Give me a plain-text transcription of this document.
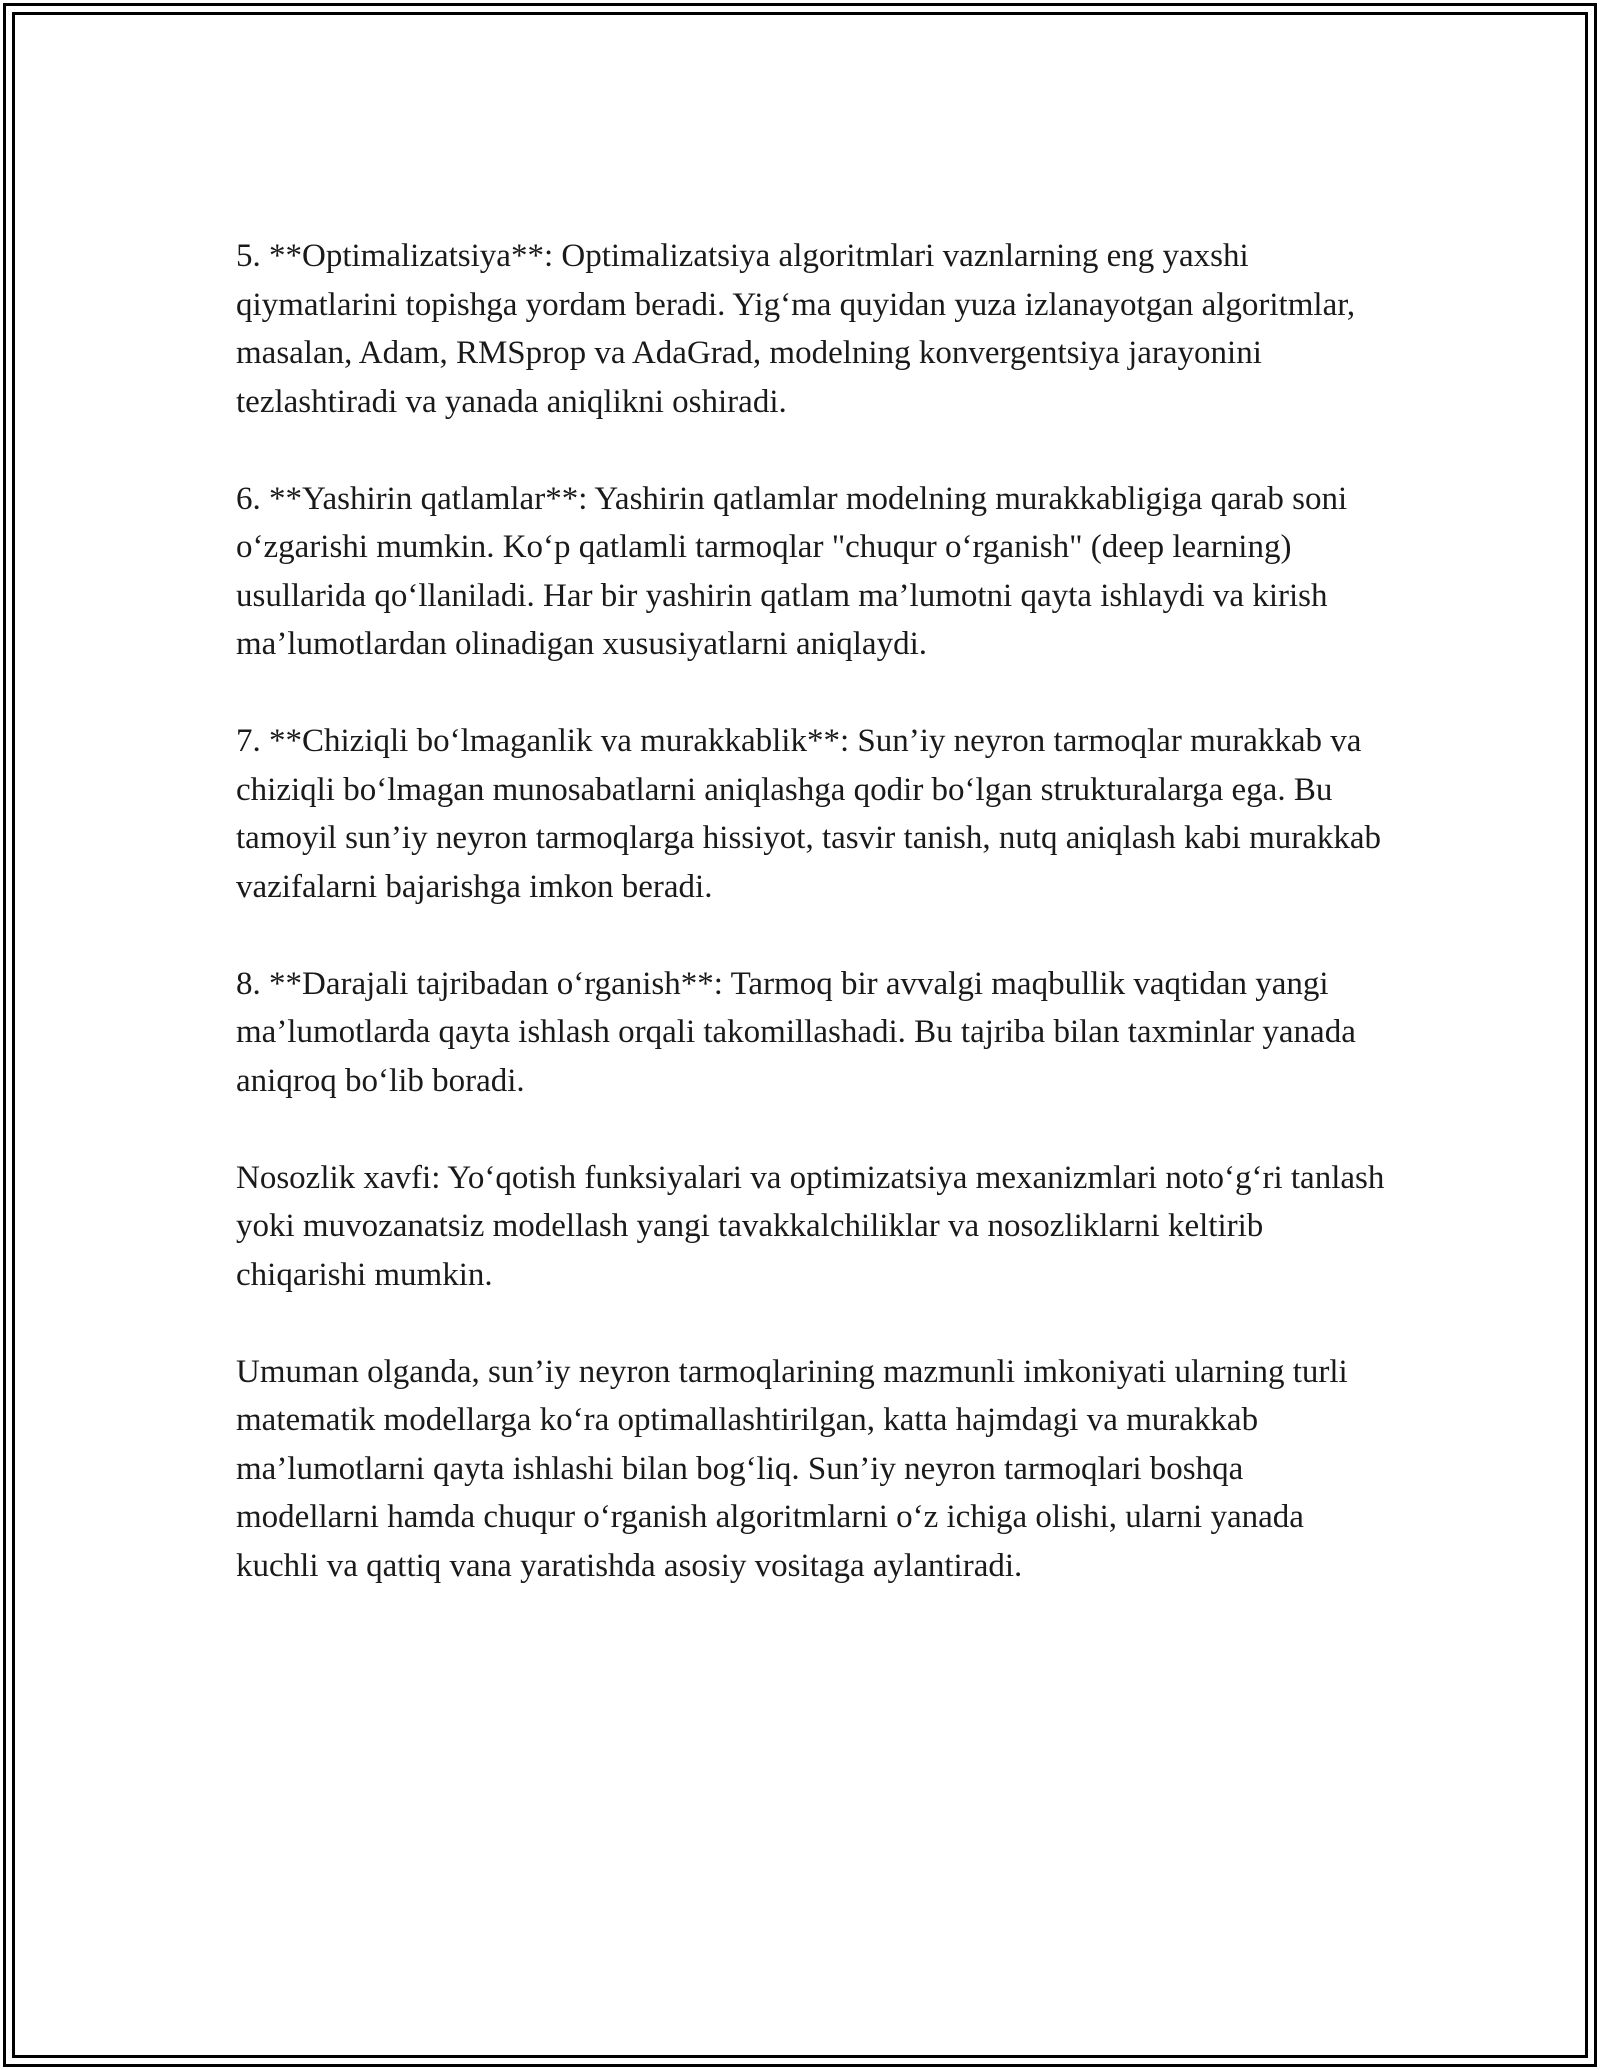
5. **Optimalizatsiya**: Optimalizatsiya algoritmlari vaznlarning eng yaxshi qiymatlarini topishga yordam beradi. Yig‘ma quyidan yuza izlanayotgan algoritmlar, masalan, Adam, RMSprop va AdaGrad, modelning konvergentsiya jarayonini tezlashtiradi va yanada aniqlikni oshiradi.

6. **Yashirin qatlamlar**: Yashirin qatlamlar modelning murakkabligiga qarab soni o‘zgarishi mumkin. Ko‘p qatlamli tarmoqlar "chuqur o‘rganish" (deep learning) usullarida qo‘llaniladi. Har bir yashirin qatlam ma’lumotni qayta ishlaydi va kirish ma’lumotlardan olinadigan xususiyatlarni aniqlaydi.

7. **Chiziqli bo‘lmaganlik va murakkablik**: Sun’iy neyron tarmoqlar murakkab va chiziqli bo‘lmagan munosabatlarni aniqlashga qodir bo‘lgan strukturalarga ega. Bu tamoyil sun’iy neyron tarmoqlarga hissiyot, tasvir tanish, nutq aniqlash kabi murakkab vazifalarni bajarishga imkon beradi.

8. **Darajali tajribadan o‘rganish**: Tarmoq bir avvalgi maqbullik vaqtidan yangi ma’lumotlarda qayta ishlash orqali takomillashadi. Bu tajriba bilan taxminlar yanada aniqroq bo‘lib boradi.

Nosozlik xavfi: Yo‘qotish funksiyalari va optimizatsiya mexanizmlari noto‘g‘ri tanlash yoki muvozanatsiz modellash yangi tavakkalchiliklar va nosozliklarni keltirib chiqarishi mumkin.

Umuman olganda, sun’iy neyron tarmoqlarining mazmunli imkoniyati ularning turli matematik modellarga ko‘ra optimallashtirilgan, katta hajmdagi va murakkab ma’lumotlarni qayta ishlashi bilan bog‘liq. Sun’iy neyron tarmoqlari boshqa modellarni hamda chuqur o‘rganish algoritmlarni o‘z ichiga olishi, ularni yanada kuchli va qattiq vana yaratishda asosiy vositaga aylantiradi.
